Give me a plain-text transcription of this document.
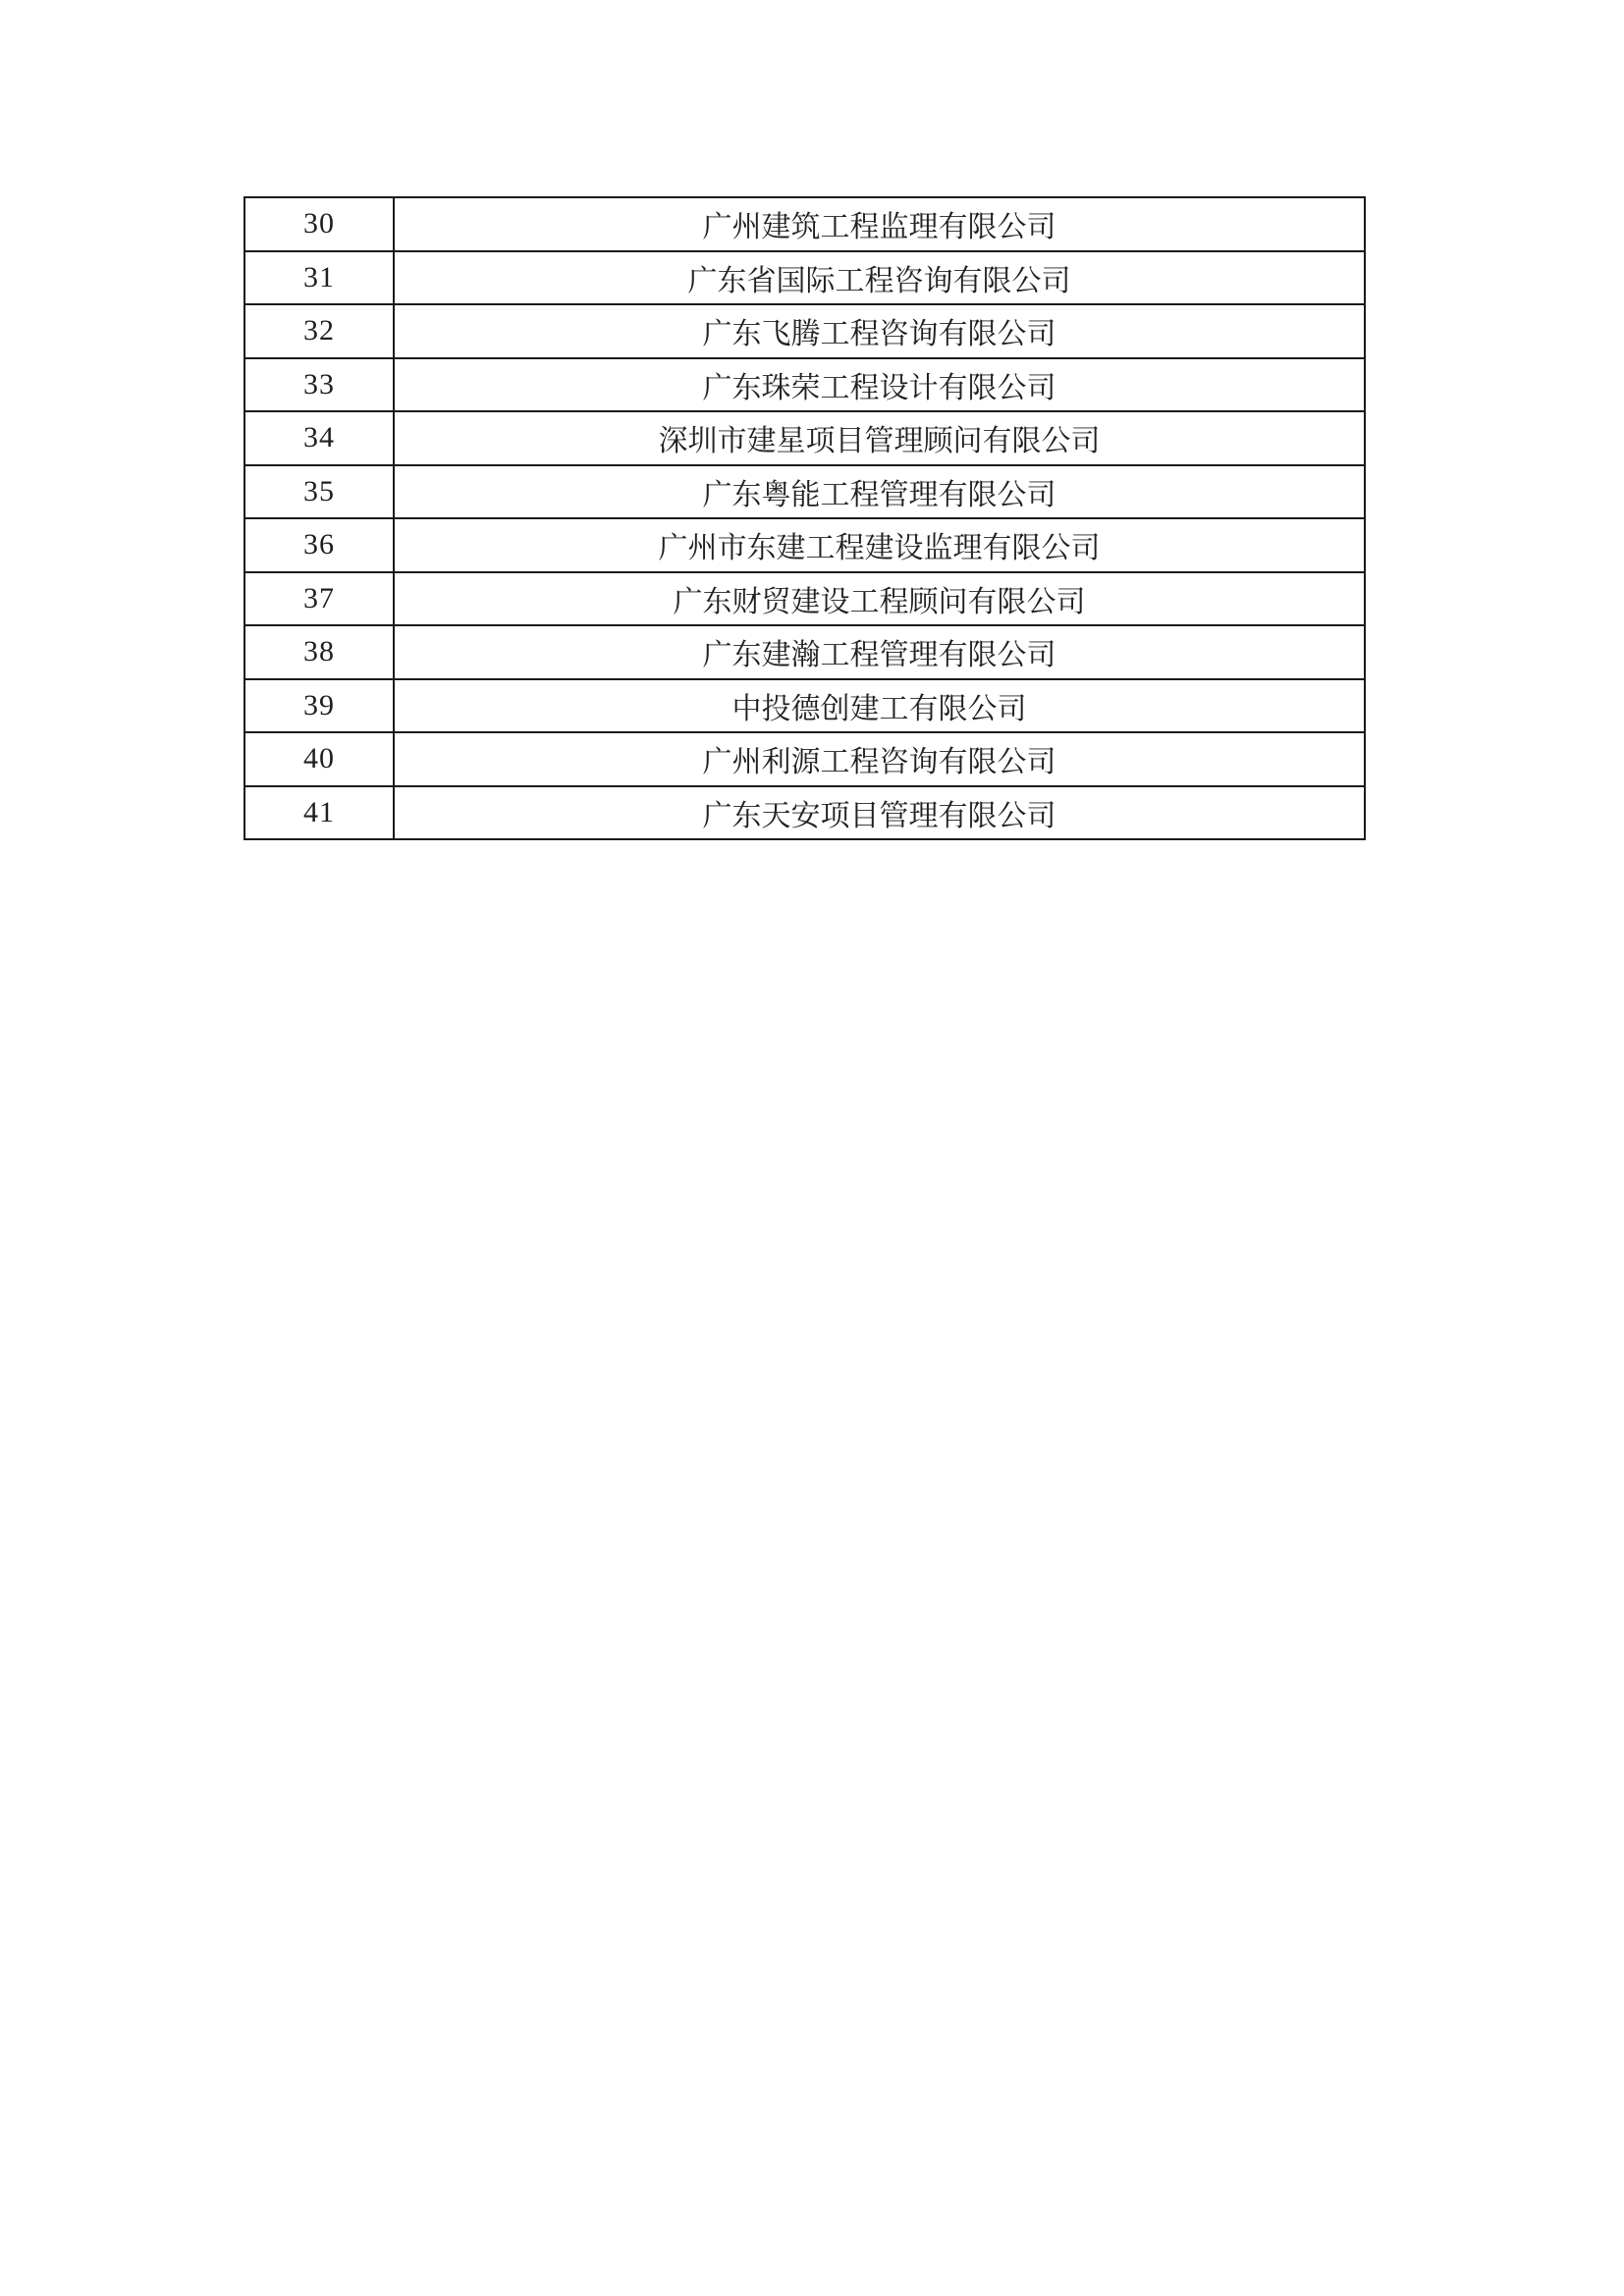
30	广州建筑工程监理有限公司
31	广东省国际工程咨询有限公司
32	广东飞腾工程咨询有限公司
33	广东珠荣工程设计有限公司
34	深圳市建星项目管理顾问有限公司
35	广东粤能工程管理有限公司
36	广州市东建工程建设监理有限公司
37	广东财贸建设工程顾问有限公司
38	广东建瀚工程管理有限公司
39	中投德创建工有限公司
40	广州利源工程咨询有限公司
41	广东天安项目管理有限公司
